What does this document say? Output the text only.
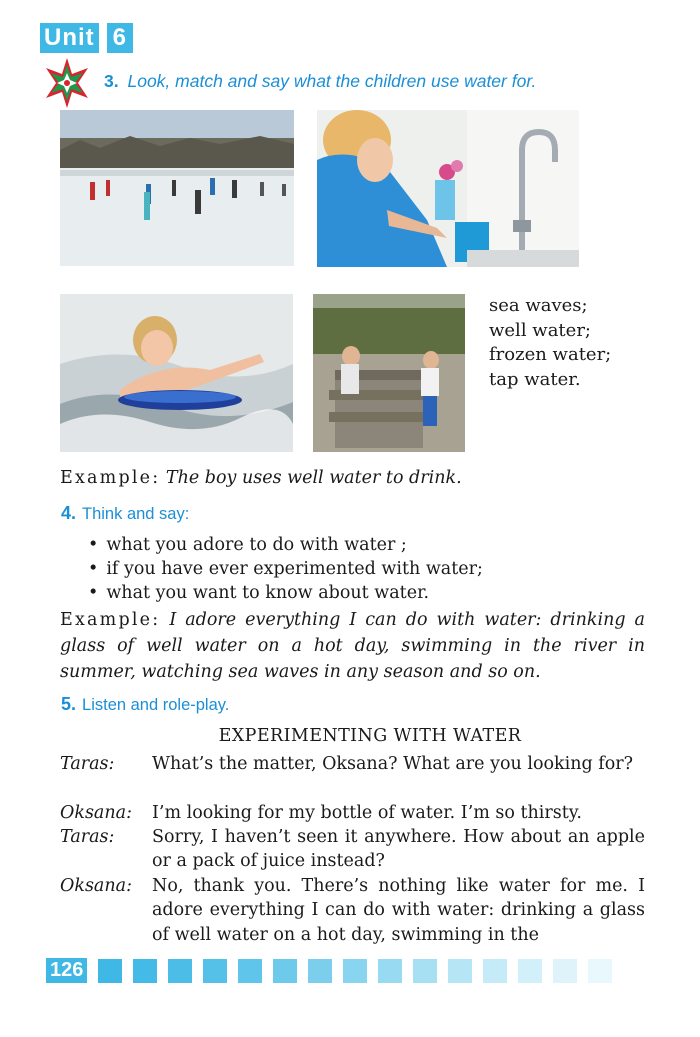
Unit 6
3. Look, match and say what the children use water for.
sea waves;
well water;
frozen water;
tap water.
Example: The boy uses well water to drink.
4. Think and say:
• what you adore to do with water ;
• if you have ever experimented with water;
• what you want to know about water.
Example: I adore everything I can do with water: drinking a glass of well water on a hot day, swimming in the river in summer, watching sea waves in any season and so on.
5. Listen and role-play.
EXPERIMENTING WITH WATER
Taras: What’s the matter, Oksana? What are you looking for?
Oksana: I’m looking for my bottle of water. I’m so thirsty.
Taras: Sorry, I haven’t seen it anywhere. How about an apple or a pack of juice instead?
Oksana: No, thank you. There’s nothing like water for me. I adore everything I can do with water: drinking a glass of well water on a hot day, swimming in the
126
